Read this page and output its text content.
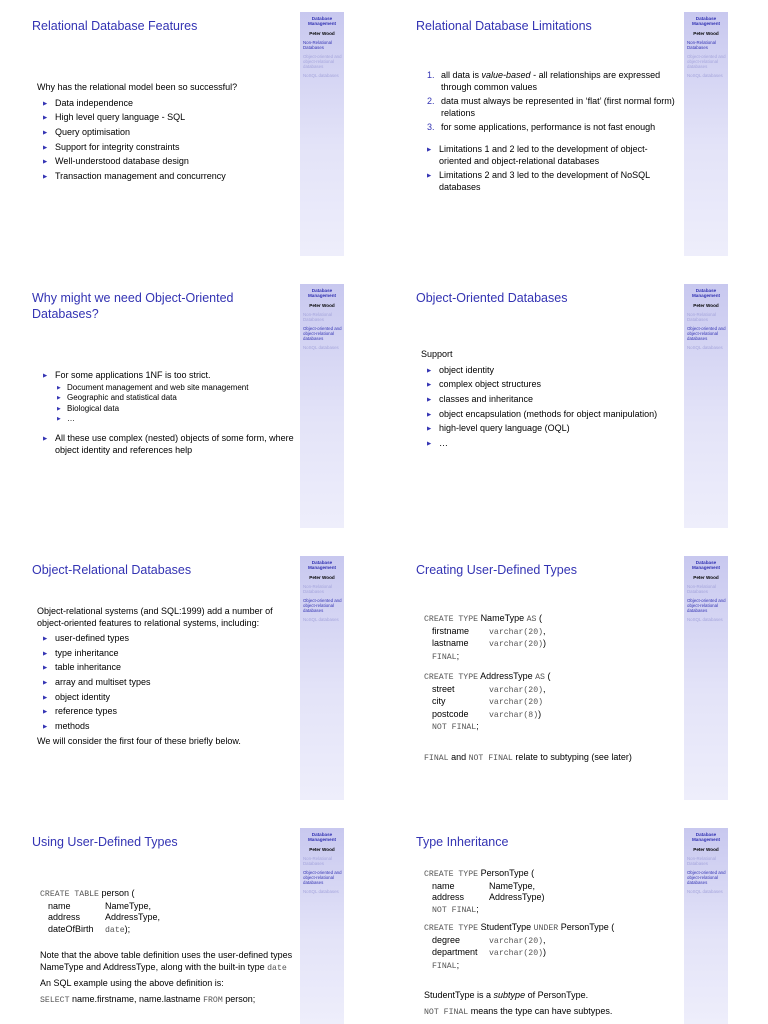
Relational Database Features

Why has the relational model been so successful?

▶ Data independence
▶ High level query language - SQL
▶ Query optimisation
▶ Support for integrity constraints
▶ Well-understood database design
▶ Transaction management and concurrency
Database Management
Peter Wood
Non-Relational Databases
Object-oriented and object-relational databases
NoSQL databases
Relational Database Limitations
1. all data is value-based - all relationships are expressed through common values
2. data must always be represented in ‘flat’ (first normal form) relations
3. for some applications, performance is not fast enough
▶ Limitations 1 and 2 led to the development of object-oriented and object-relational databases
▶ Limitations 2 and 3 led to the development of NoSQL databases
Database Management
Peter Wood
Non-Relational Databases
Object-oriented and object-relational databases
NoSQL databases
Why might we need Object-Oriented Databases?
▶ For some applications 1NF is too strict.
▶ Document management and web site management
▶ Geographic and statistical data
▶ Biological data
▶ …
▶ All these use complex (nested) objects of some form, where object identity and references help
Database Management
Peter Wood
Non-Relational Databases
Object-oriented and object-relational databases
NoSQL databases
Object-Oriented Databases

Support

▶ object identity
▶ complex object structures
▶ classes and inheritance
▶ object encapsulation (methods for object manipulation)
▶ high-level query language (OQL)
▶ …
Database Management
Peter Wood
Non-Relational Databases
Object-oriented and object-relational databases
NoSQL databases
Object-Relational Databases

Object-relational systems (and SQL:1999) add a number of object-oriented features to relational systems, including:

▶ user-defined types
▶ type inheritance
▶ table inheritance
▶ array and multiset types
▶ object identity
▶ reference types
▶ methods

We will consider the first four of these briefly below.

Database Management
Peter Wood
Non-Relational Databases
Object-oriented and object-relational databases
NoSQL databases
Creating User-Defined Types
CREATE TYPE NameType AS (
firstname varchar(20),
lastname varchar(20))
FINAL;
CREATE TYPE AddressType AS (
street	varchar(20),
city	varchar(20)
postcode varchar(8))
NOT FINAL;
FINAL and NOT FINAL relate to subtyping (see later)
Database Management
Peter Wood
Non-Relational Databases
Object-oriented and object-relational databases
NoSQL databases
Using User-Defined Types
CREATE TABLE person (
name	NameType,
address	AddressType,
dateOfBirth date);

Note that the above table definition uses the user-defined types NameType and AddressType, along with the built-in type date

An SQL example using the above definition is:

SELECT name.firstname, name.lastname FROM person;
Database Management
Peter Wood
Non-Relational Databases
Object-oriented and object-relational databases
NoSQL databases
Type Inheritance
CREATE TYPE PersonType (
name	NameType,
address	AddressType)
NOT FINAL;
CREATE TYPE StudentType UNDER PersonType (
degree	varchar(20),
department varchar(20))
FINAL;

StudentType is a subtype of PersonType.

NOT FINAL means the type can have subtypes.

Database Management
Peter Wood
Non-Relational Databases
Object-oriented and object-relational databases
NoSQL databases
